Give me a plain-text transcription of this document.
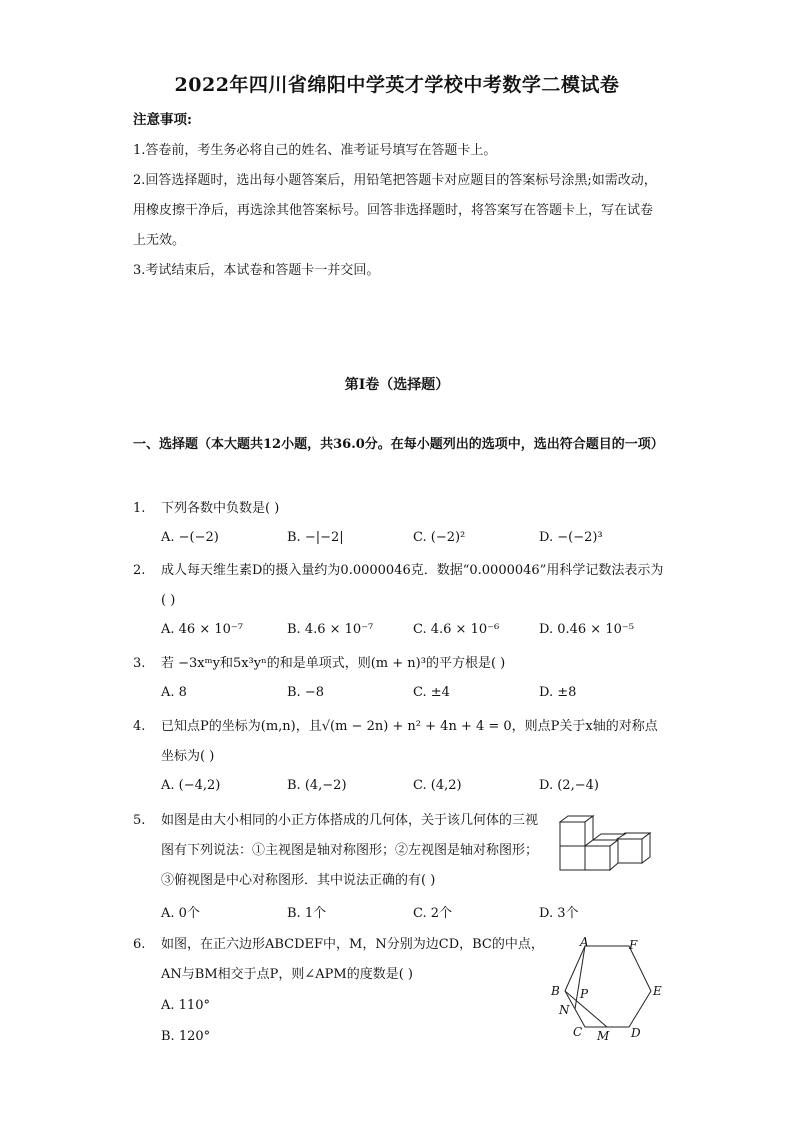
2022年四川省绵阳中学英才学校中考数学二模试卷
注意事项:
1.答卷前，考生务必将自己的姓名、准考证号填写在答题卡上。
2.回答选择题时，选出每小题答案后，用铅笔把答题卡对应题目的答案标号涂黑;如需改动，用橡皮擦干净后，再选涂其他答案标号。回答非选择题时，将答案写在答题卡上，写在试卷上无效。
3.考试结束后，本试卷和答题卡一并交回。
第I卷（选择题）
一、选择题（本大题共12小题，共36.0分。在每小题列出的选项中，选出符合题目的一项）
1.	下列各数中负数是( )
A. −(−2)	B. −|−2|	C. (−2)²	D. −(−2)³
2.	成人每天维生素D的摄入量约为0.0000046克．数据“0.0000046”用科学记数法表示为( )
A. 46 × 10⁻⁷	B. 4.6 × 10⁻⁷	C. 4.6 × 10⁻⁶	D. 0.46 × 10⁻⁵
3.	若 −3xᵐy和5x³yⁿ的和是单项式，则(m + n)³的平方根是( )
A. 8	B. −8	C. ±4	D. ±8
4.	已知点P的坐标为(m,n)，且√(m − 2n) + n² + 4n + 4 = 0，则点P关于x轴的对称点坐标为( )
A. (−4,2)	B. (4,−2)	C. (4,2)	D. (2,−4)
5.	如图是由大小相同的小正方体搭成的几何体，关于该几何体的三视图有下列说法：①主视图是轴对称图形；②左视图是轴对称图形；③俯视图是中心对称图形．其中说法正确的有( )
A. 0个	B. 1个	C. 2个	D. 3个
6.	如图，在正六边形ABCDEF中，M，N分别为边CD，BC的中点，AN与BM相交于点P，则∠APM的度数是( )
A. 110°
B. 120°
A	F
E
D
M
C
N
B P
